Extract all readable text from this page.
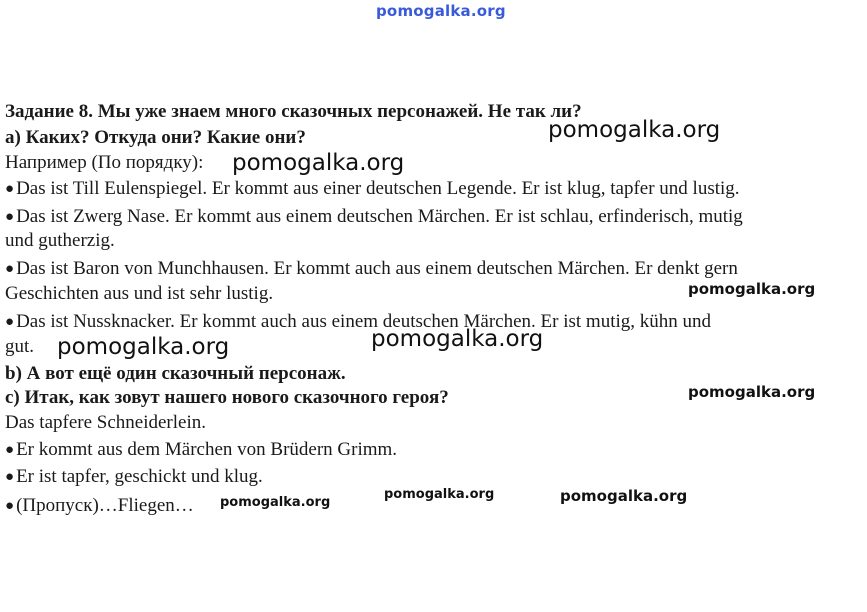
pomogalka.org
Задание 8. Мы уже знаем много сказочных персонажей. Не так ли?
а) Каких? Откуда они? Какие они?
Например (По порядку):
● Das ist Till Eulenspiegel. Er kommt aus einer deutschen Legende. Er ist klug, tapfer und lustig.
● Das ist Zwerg Nase. Er kommt aus einem deutschen Märchen. Er ist schlau, erfinderisch, mutig
und gutherzig.
● Das ist Baron von Munchhausen. Er kommt auch aus einem deutschen Märchen. Er denkt gern
Geschichten aus und ist sehr lustig.
● Das ist Nussknacker. Er kommt auch aus einem deutschen Märchen. Er ist mutig, kühn und
gut.
b) А вот ещё один сказочный персонаж.
c) Итак, как зовут нашего нового сказочного героя?
Das tapfere Schneiderlein.
● Er kommt aus dem Märchen von Brüdern Grimm.
● Er ist tapfer, geschickt und klug.
● (Пропуск)…Fliegen…
pomogalka.org
pomogalka.org
pomogalka.org
pomogalka.org
pomogalka.org
pomogalka.org
pomogalka.org	pomogalka.org
pomogalka.org
